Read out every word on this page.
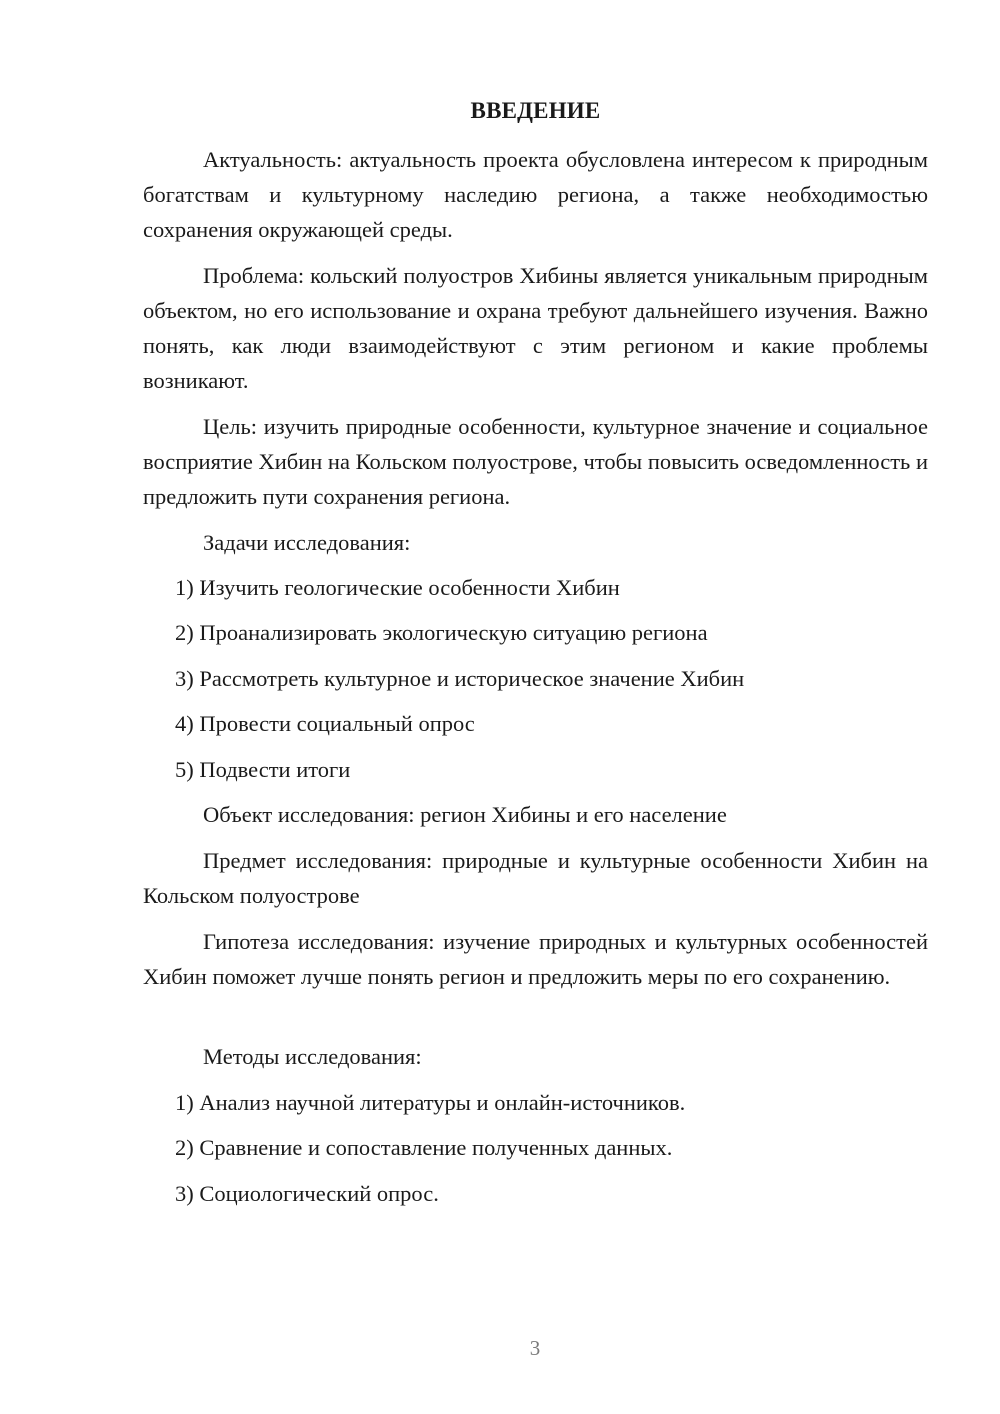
ВВЕДЕНИЕ

Актуальность: актуальность проекта обусловлена интересом к природным богатствам и культурному наследию региона, а также необходимостью сохранения окружающей среды.

Проблема: кольский полуостров Хибины является уникальным природным объектом, но его использование и охрана требуют дальнейшего изучения. Важно понять, как люди взаимодействуют с этим регионом и какие проблемы возникают.

Цель: изучить природные особенности, культурное значение и социальное восприятие Хибин на Кольском полуострове, чтобы повысить осведомленность и предложить пути сохранения региона.

Задачи исследования:

1) Изучить геологические особенности Хибин

2) Проанализировать экологическую ситуацию региона

3) Рассмотреть культурное и историческое значение Хибин

4) Провести социальный опрос

5) Подвести итоги

Объект исследования: регион Хибины и его население

Предмет исследования: природные и культурные особенности Хибин на Кольском полуострове

Гипотеза исследования: изучение природных и культурных особенностей Хибин поможет лучше понять регион и предложить меры по его сохранению.

Методы исследования:

1) Анализ научной литературы и онлайн-источников.

2) Сравнение и сопоставление полученных данных.

3) Социологический опрос.

3
